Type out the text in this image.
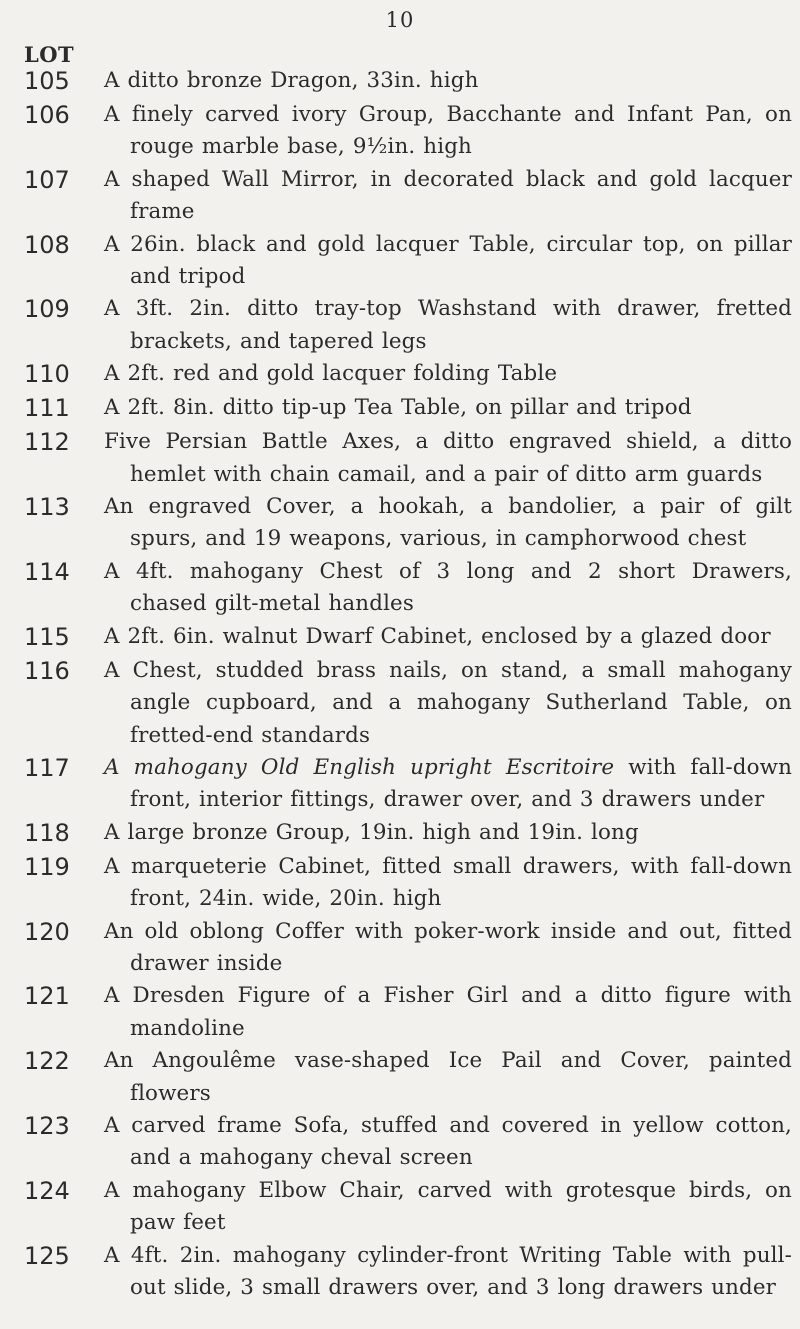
10
LOT
105	A ditto bronze Dragon, 33in. high
106	A finely carved ivory Group, Bacchante and Infant Pan, on rouge marble base, 9½in. high
107	A shaped Wall Mirror, in decorated black and gold lacquer frame
108	A 26in. black and gold lacquer Table, circular top, on pillar and tripod
109	A 3ft. 2in. ditto tray-top Washstand with drawer, fretted brackets, and tapered legs
110	A 2ft. red and gold lacquer folding Table
111	A 2ft. 8in. ditto tip-up Tea Table, on pillar and tripod
112	Five Persian Battle Axes, a ditto engraved shield, a ditto hemlet with chain camail, and a pair of ditto arm guards
113	An engraved Cover, a hookah, a bandolier, a pair of gilt spurs, and 19 weapons, various, in camphorwood chest
114	A 4ft. mahogany Chest of 3 long and 2 short Drawers, chased gilt-metal handles
115	A 2ft. 6in. walnut Dwarf Cabinet, enclosed by a glazed door
116	A Chest, studded brass nails, on stand, a small mahogany angle cupboard, and a mahogany Sutherland Table, on fretted-end standards
117	A mahogany Old English upright Escritoire with fall-down front, interior fittings, drawer over, and 3 drawers under
118	A large bronze Group, 19in. high and 19in. long
119	A marqueterie Cabinet, fitted small drawers, with fall-down front, 24in. wide, 20in. high
120	An old oblong Coffer with poker-work inside and out, fitted drawer inside
121	A Dresden Figure of a Fisher Girl and a ditto figure with mandoline
122	An Angoulême vase-shaped Ice Pail and Cover, painted flowers
123	A carved frame Sofa, stuffed and covered in yellow cotton, and a mahogany cheval screen
124	A mahogany Elbow Chair, carved with grotesque birds, on paw feet
125	A 4ft. 2in. mahogany cylinder-front Writing Table with pull-out slide, 3 small drawers over, and 3 long drawers under
